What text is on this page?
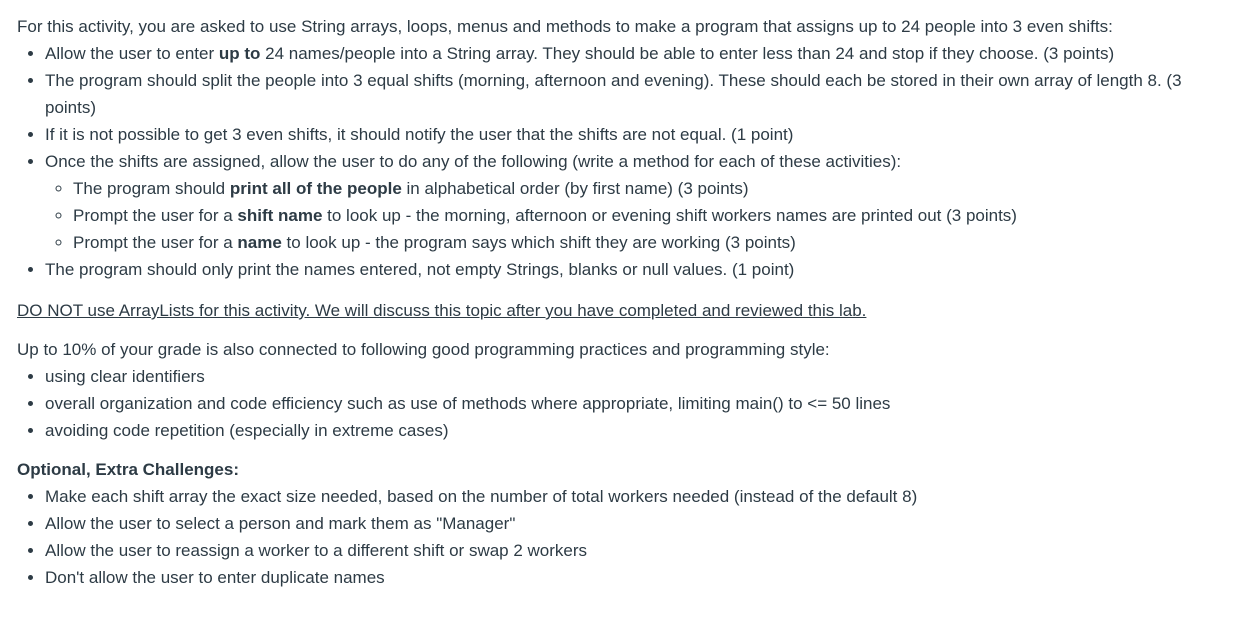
For this activity, you are asked to use String arrays, loops, menus and methods to make a program that assigns up to 24 people into 3 even shifts:

• Allow the user to enter up to 24 names/people into a String array. They should be able to enter less than 24 and stop if they choose. (3 points)
• The program should split the people into 3 equal shifts (morning, afternoon and evening). These should each be stored in their own array of length 8. (3 points)
• If it is not possible to get 3 even shifts, it should notify the user that the shifts are not equal. (1 point)
• Once the shifts are assigned, allow the user to do any of the following (write a method for each of these activities):
◦ The program should print all of the people in alphabetical order (by first name) (3 points)
◦ Prompt the user for a shift name to look up - the morning, afternoon or evening shift workers names are printed out (3 points)
◦ Prompt the user for a name to look up - the program says which shift they are working (3 points)
• The program should only print the names entered, not empty Strings, blanks or null values. (1 point)

DO NOT use ArrayLists for this activity. We will discuss this topic after you have completed and reviewed this lab.

Up to 10% of your grade is also connected to following good programming practices and programming style:

• using clear identifiers
• overall organization and code efficiency such as use of methods where appropriate, limiting main() to <= 50 lines
• avoiding code repetition (especially in extreme cases)

Optional, Extra Challenges:

• Make each shift array the exact size needed, based on the number of total workers needed (instead of the default 8)
• Allow the user to select a person and mark them as "Manager"
• Allow the user to reassign a worker to a different shift or swap 2 workers
• Don't allow the user to enter duplicate names
